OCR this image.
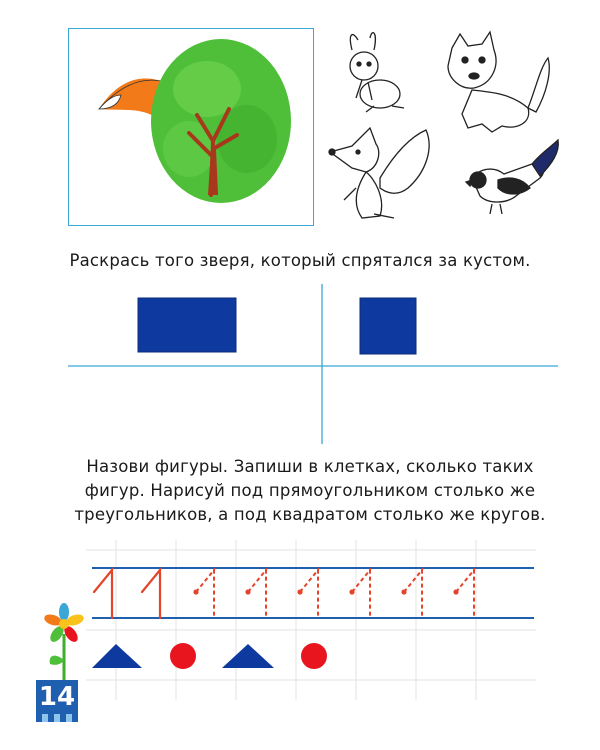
Раскрась того зверя, который спрятался за кустом.
Назови фигуры. Запиши в клетках, сколько таких
фигур. Нарисуй под прямоугольником столько же
треугольников, а под квадратом столько же кругов.
14
